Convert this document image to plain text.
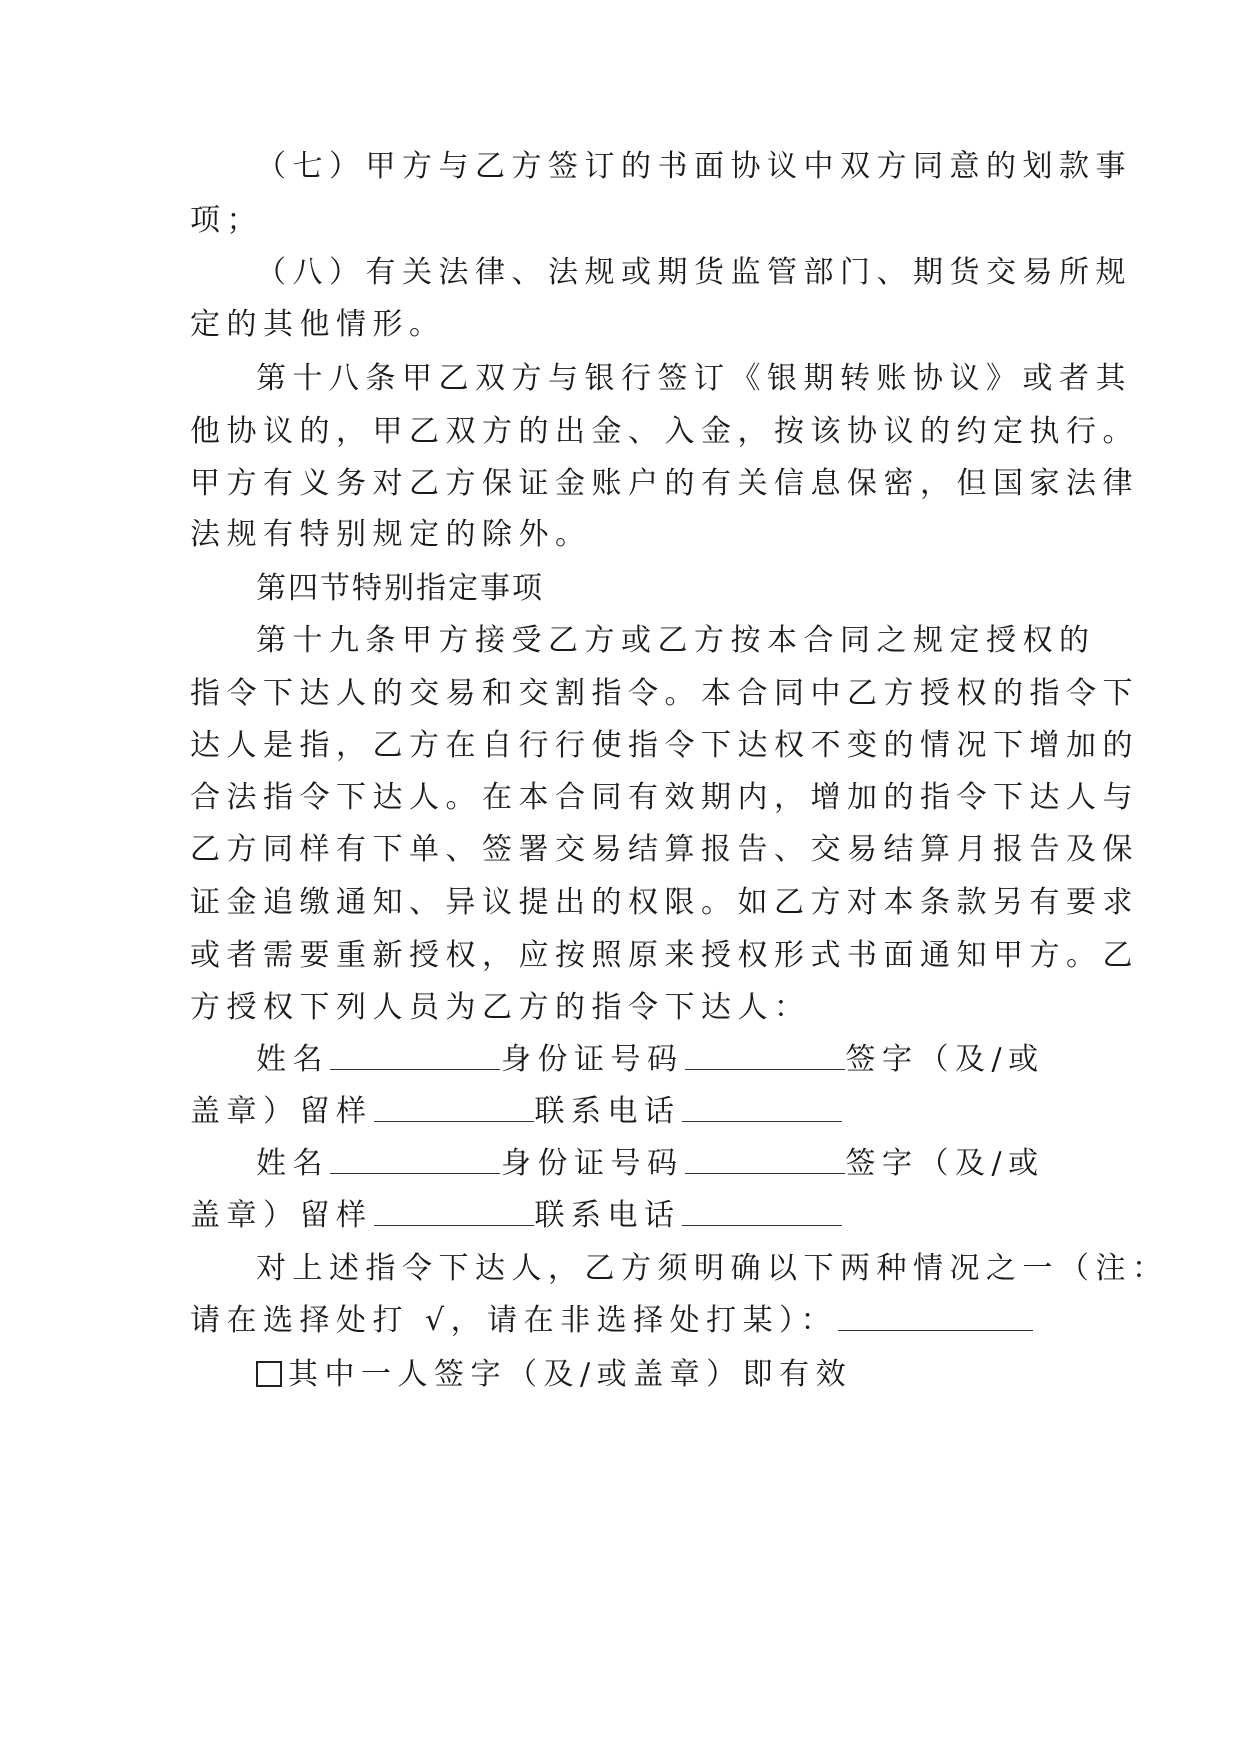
（七）甲方与乙方签订的书面协议中双方同意的划款事
项；
（八）有关法律、法规或期货监管部门、期货交易所规
定的其他情形。
第十八条甲乙双方与银行签订《银期转账协议》或者其
他协议的，甲乙双方的出金、入金，按该协议的约定执行。
甲方有义务对乙方保证金账户的有关信息保密，但国家法律
法规有特别规定的除外。
第四节特别指定事项
第十九条甲方接受乙方或乙方按本合同之规定授权的
指令下达人的交易和交割指令。本合同中乙方授权的指令下
达人是指，乙方在自行行使指令下达权不变的情况下增加的
合法指令下达人。在本合同有效期内，增加的指令下达人与
乙方同样有下单、签署交易结算报告、交易结算月报告及保
证金追缴通知、异议提出的权限。如乙方对本条款另有要求
或者需要重新授权，应按照原来授权形式书面通知甲方。乙
方授权下列人员为乙方的指令下达人：
姓名	身份证号码	签字（及/或
盖章）留样	联系电话
姓名	身份证号码	签字（及/或
盖章）留样	联系电话
对上述指令下达人，乙方须明确以下两种情况之一（注：
请在选择处打 √，请在非选择处打某）：
其中一人签字（及/或盖章）即有效
